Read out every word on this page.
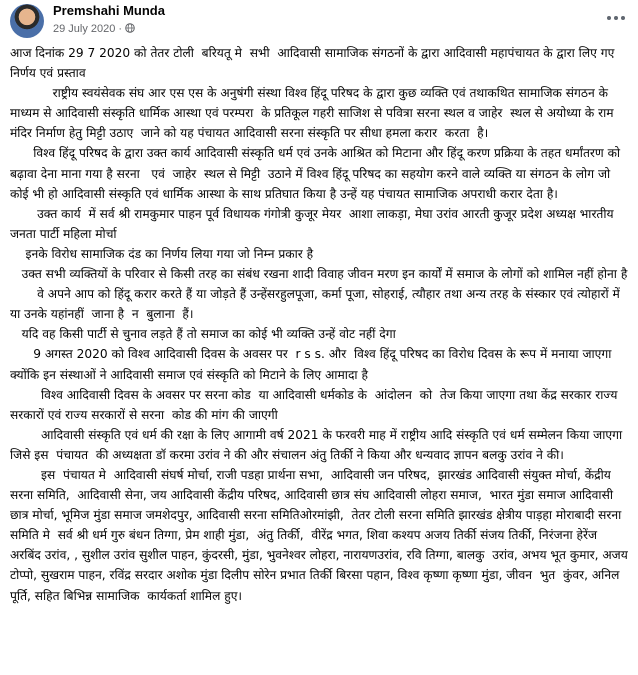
Premshahi Munda
29 July 2020 ·

आज दिनांक 29 7 2020 को तेतर टोली  बरियतू मे  सभी  आदिवासी सामाजिक संगठनों के द्वारा आदिवासी महापंचायत के द्वारा लिए गए निर्णय एवं प्रस्ताव

राष्ट्रीय स्वयंसेवक संघ आर एस एस के अनुषंगी संस्था विश्व हिंदू परिषद के द्वारा कुछ व्यक्ति एवं तथाकथित सामाजिक संगठन के माध्यम से आदिवासी संस्कृति धार्मिक आस्था एवं परम्परा  के प्रतिकूल गहरी साजिश से पवित्रा सरना स्थल व जाहेर  स्थल से अयोध्या के राम मंदिर निर्माण हेतु मिट्टी उठाए  जाने को यह पंचायत आदिवासी सरना संस्कृति पर सीधा हमला करार  करता  है।

विश्व हिंदू परिषद के द्वारा उक्त कार्य आदिवासी संस्कृति धर्म एवं उनके आश्रित को मिटाना और हिंदू करण प्रक्रिया के तहत धर्मांतरण को बढ़ावा देना माना गया है सरना   एवं  जाहेर  स्थल से मिट्टी  उठाने में विश्व हिंदू परिषद का सहयोग करने वाले व्यक्ति या संगठन के लोग जो कोई भी हो आदिवासी संस्कृति एवं धार्मिक आस्था के साथ प्रतिघात किया है उन्हें यह पंचायत सामाजिक अपराधी करार देता है।

उक्त कार्य  में सर्व श्री रामकुमार पाहन पूर्व विधायक गंगोत्री कुजूर मेयर  आशा लाकड़ा, मेघा उरांव आरती कुजूर प्रदेश अध्यक्ष भारतीय जनता पार्टी महिला मोर्चा

इनके विरोध सामाजिक दंड का निर्णय लिया गया जो निम्न प्रकार है

उक्त सभी व्यक्तियों के परिवार से किसी तरह का संबंध रखना शादी विवाह जीवन मरण इन कार्यों में समाज के लोगों को शामिल नहीं होना है

वे अपने आप को हिंदू करार करते हैं या जोड़ते हैं उन्हेंसरहुलपूजा, कर्मा पूजा, सोहराई, त्यौहार तथा अन्य तरह के संस्कार एवं त्योहारों में या उनके यहांनहीं  जाना है  न  बुलाना  हैं।

यदि वह किसी पार्टी से चुनाव लड़ते हैं तो समाज का कोई भी व्यक्ति उन्हें वोट नहीं देगा

9 अगस्त 2020 को विश्व आदिवासी दिवस के अवसर पर  r s s. और  विश्व हिंदू परिषद का विरोध दिवस के रूप में मनाया जाएगा क्योंकि इन संस्थाओं ने आदिवासी समाज एवं संस्कृति को मिटाने के लिए आमादा है

विश्व आदिवासी दिवस के अवसर पर सरना कोड  या आदिवासी धर्मकोड के  आंदोलन  को  तेज किया जाएगा तथा केंद्र सरकार राज्य सरकारों एवं राज्य सरकारों से सरना  कोड की मांग की जाएगी

आदिवासी संस्कृति एवं धर्म की रक्षा के लिए आगामी वर्ष 2021 के फरवरी माह में राष्ट्रीय आदि संस्कृति एवं धर्म सम्मेलन किया जाएगा जिसे इस  पंचायत  की अध्यक्षता डॉ करमा उरांव ने की और संचालन अंतु तिर्की ने किया और धन्यवाद ज्ञापन बलकु उरांव ने की।

इस  पंचायत मे  आदिवासी संघर्ष मोर्चा, राजी पडहा प्रार्थना सभा,  आदिवासी जन परिषद,  झारखंड आदिवासी संयुक्त मोर्चा, केंद्रीय सरना समिति,  आदिवासी सेना, जय आदिवासी केंद्रीय परिषद, आदिवासी छात्र संघ आदिवासी लोहरा समाज,  भारत मुंडा समाज आदिवासी छात्र मोर्चा, भूमिज मुंडा समाज जमशेदपुर, आदिवासी सरना समितिओरमांझी,  तेतर टोली सरना समिति झारखंड क्षेत्रीय पाड़हा मोराबादी सरना समिति मे  सर्व श्री धर्म गुरु बंधन तिग्गा, प्रेम शाही मुंडा,  अंतु तिर्की,  वीरेंद्र भगत, शिवा कश्यप अजय तिर्की संजय तिर्की, निरंजना हेरेंज अरबिंद उरांव, , सुशील उरांव सुशील पाहन, कुंदरसी, मुंडा, भुवनेश्वर लोहरा, नारायणउरांव, रवि तिग्गा, बालकु  उरांव, अभय भूत कुमार, अजय टोप्पो, सुखराम पाहन, रविंद्र सरदार अशोक मुंडा दिलीप सोरेन प्रभात तिर्की बिरसा पहान, विश्व कृष्णा कृष्णा मुंडा, जीवन  भुत  कुंवर, अनिल पूर्ति, सहित बिभिन्न सामाजिक  कार्यकर्ता शामिल हुए।
